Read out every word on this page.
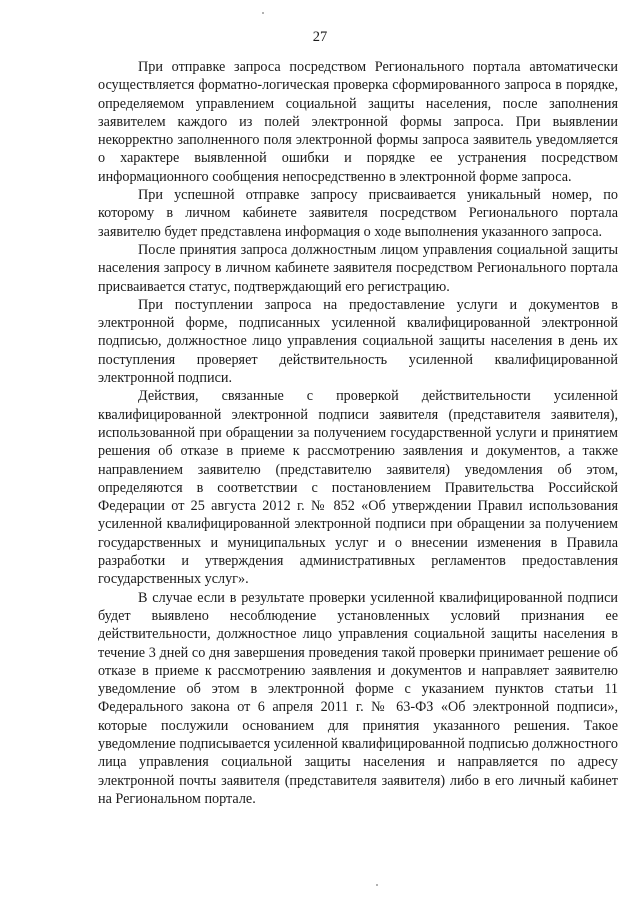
27

При отправке запроса посредством Регионального портала автоматически осуществляется форматно-логическая проверка сформированного запроса в порядке, определяемом управлением социальной защиты населения, после заполнения заявителем каждого из полей электронной формы запроса. При выявлении некорректно заполненного поля электронной формы запроса заявитель уведомляется о характере выявленной ошибки и порядке ее устранения посредством информационного сообщения непосредственно в электронной форме запроса.

При успешной отправке запросу присваивается уникальный номер, по которому в личном кабинете заявителя посредством Регионального портала заявителю будет представлена информация о ходе выполнения указанного запроса.

После принятия запроса должностным лицом управления социальной защиты населения запросу в личном кабинете заявителя посредством Регионального портала присваивается статус, подтверждающий его регистрацию.

При поступлении запроса на предоставление услуги и документов в электронной форме, подписанных усиленной квалифицированной электронной подписью, должностное лицо управления социальной защиты населения в день их поступления проверяет действительность усиленной квалифицированной электронной подписи.

Действия, связанные с проверкой действительности усиленной квалифицированной электронной подписи заявителя (представителя заявителя), использованной при обращении за получением государственной услуги и принятием решения об отказе в приеме к рассмотрению заявления и документов, а также направлением заявителю (представителю заявителя) уведомления об этом, определяются в соответствии с постановлением Правительства Российской Федерации от 25 августа 2012 г. № 852 «Об утверждении Правил использования усиленной квалифицированной электронной подписи при обращении за получением государственных и муниципальных услуг и о внесении изменения в Правила разработки и утверждения административных регламентов предоставления государственных услуг».

В случае если в результате проверки усиленной квалифицированной подписи будет выявлено несоблюдение установленных условий признания ее действительности, должностное лицо управления социальной защиты населения в течение 3 дней со дня завершения проведения такой проверки принимает решение об отказе в приеме к рассмотрению заявления и документов и направляет заявителю уведомление об этом в электронной форме с указанием пунктов статьи 11 Федерального закона от 6 апреля 2011 г. № 63-ФЗ «Об электронной подписи», которые послужили основанием для принятия указанного решения. Такое уведомление подписывается усиленной квалифицированной подписью должностного лица управления социальной защиты населения и направляется по адресу электронной почты заявителя (представителя заявителя) либо в его личный кабинет на Региональном портале.
